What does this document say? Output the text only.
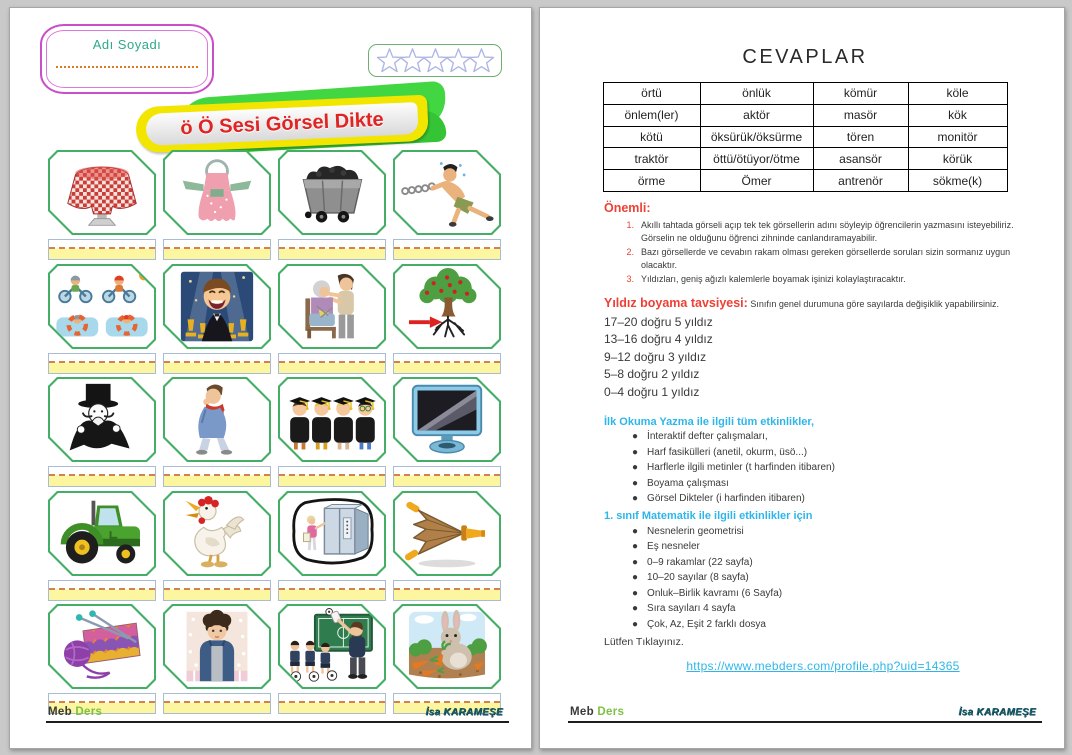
Adı Soyadı
ö Ö Sesi Görsel Dikte
Meb Ders	İsa KARAMEŞE
CEVAPLAR
örtü	önlük	kömür	köle
önlem(ler)	aktör	masör	kök
kötü	öksürük/öksürme	tören	monitör
traktör	öttü/ötüyor/ötme	asansör	körük
örme	Ömer	antrenör	sökme(k)
Önemli:
1. Akıllı tahtada görseli açıp tek tek görsellerin adını söyleyip öğrencilerin yazmasını isteyebiliriz. Görselin ne olduğunu öğrenci zihninde canlandıramayabilir.
2. Bazı görsellerde ve cevabın rakam olması gereken görsellerde soruları sizin sormanız uygun olacaktır.
3. Yıldızları, geniş ağızlı kalemlerle boyamak işinizi kolaylaştıracaktır.
Yıldız boyama tavsiyesi: Sınıfın genel durumuna göre sayılarda değişiklik yapabilirsiniz.
17–20 doğru 5 yıldız
13–16 doğru 4 yıldız
9–12 doğru 3 yıldız
5–8 doğru 2 yıldız
0–4 doğru 1 yıldız
İlk Okuma Yazma ile ilgili tüm etkinlikler,
● İnteraktif defter çalışmaları,
● Harf fasikülleri (anetil, okurm, üsö...)
● Harflerle ilgili metinler (t harfinden itibaren)
● Boyama çalışması
● Görsel Dikteler (i harfinden itibaren)
1. sınıf Matematik ile ilgili etkinlikler için
● Nesnelerin geometrisi
● Eş nesneler
● 0–9 rakamlar (22 sayfa)
● 10–20 sayılar (8 sayfa)
● Onluk–Birlik kavramı (6 Sayfa)
● Sıra sayıları 4 sayfa
● Çok, Az, Eşit 2 farklı dosya
Lütfen Tıklayınız.
https://www.mebders.com/profile.php?uid=14365
Meb Ders	İsa KARAMEŞE
